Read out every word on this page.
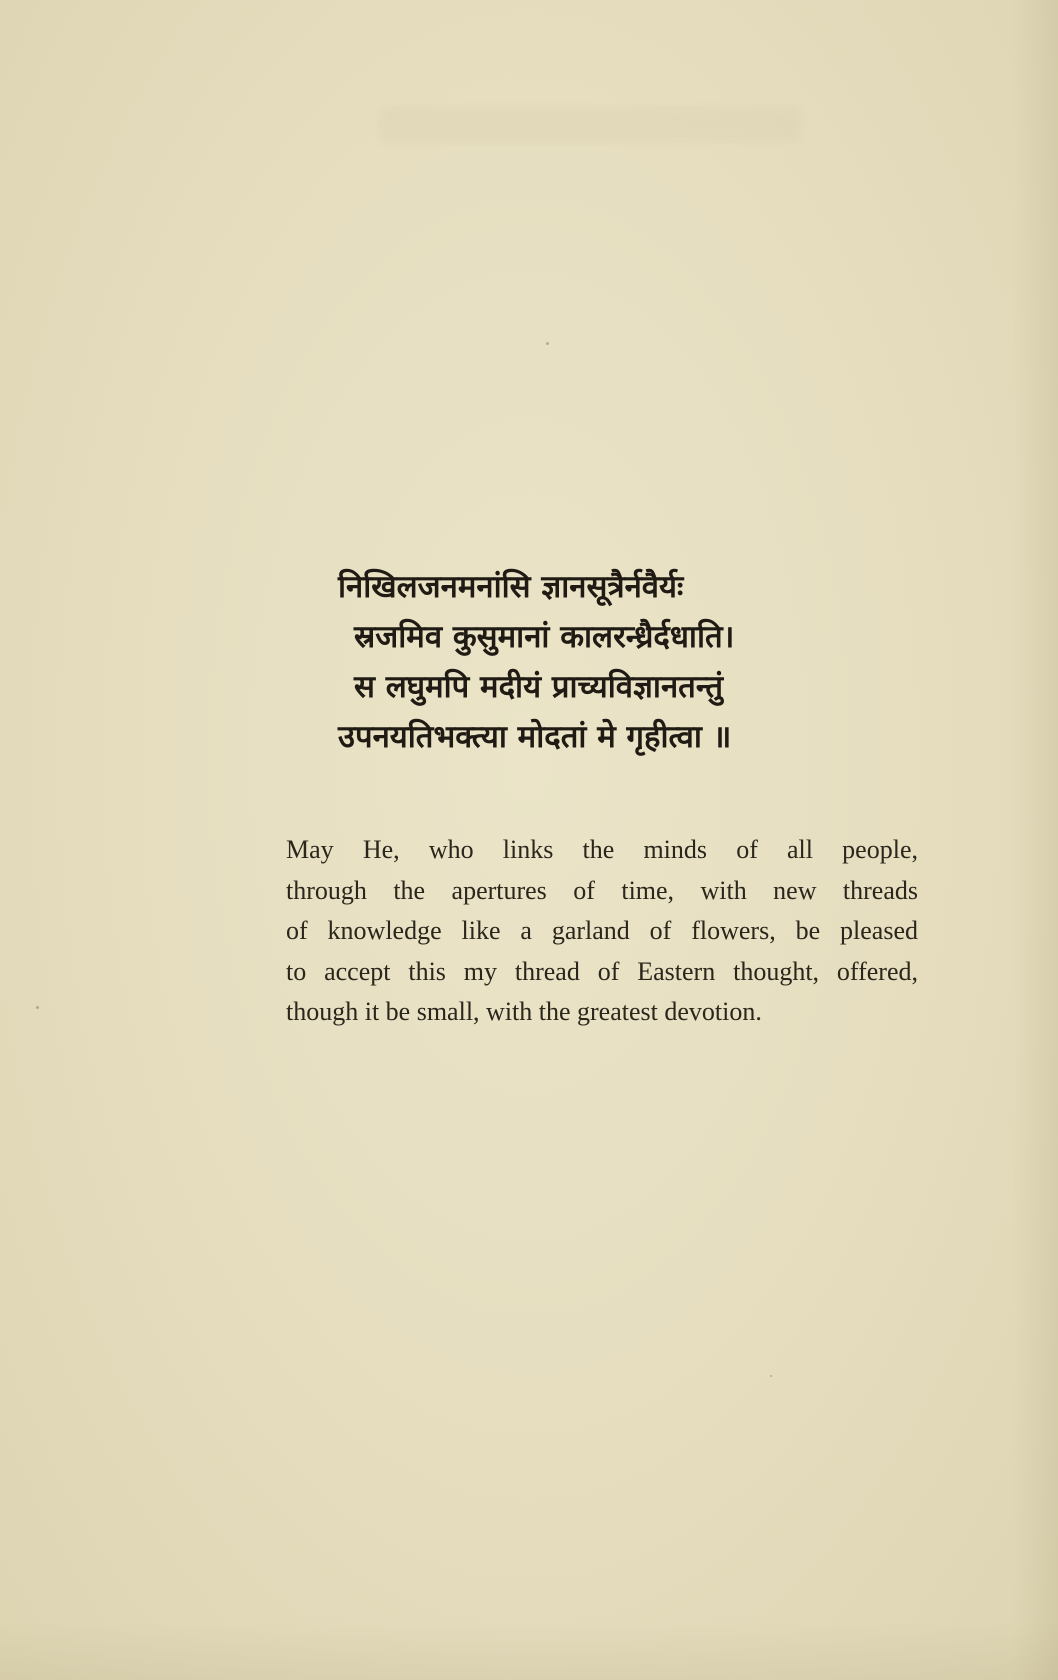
निखिलजनमनांसि ज्ञानसूत्रैर्नवैर्यः
स्रजमिव कुसुमानां कालरन्ध्रैर्दधाति।
स लघुमपि मदीयं प्राच्यविज्ञानतन्तुं
उपनयतिभक्त्या मोदतां मे गृहीत्वा ॥
May He, who links the minds of all people,
through the apertures of time, with new threads
of knowledge like a garland of flowers, be pleased
to accept this my thread of Eastern thought, offered,
though it be small, with the greatest devotion.
